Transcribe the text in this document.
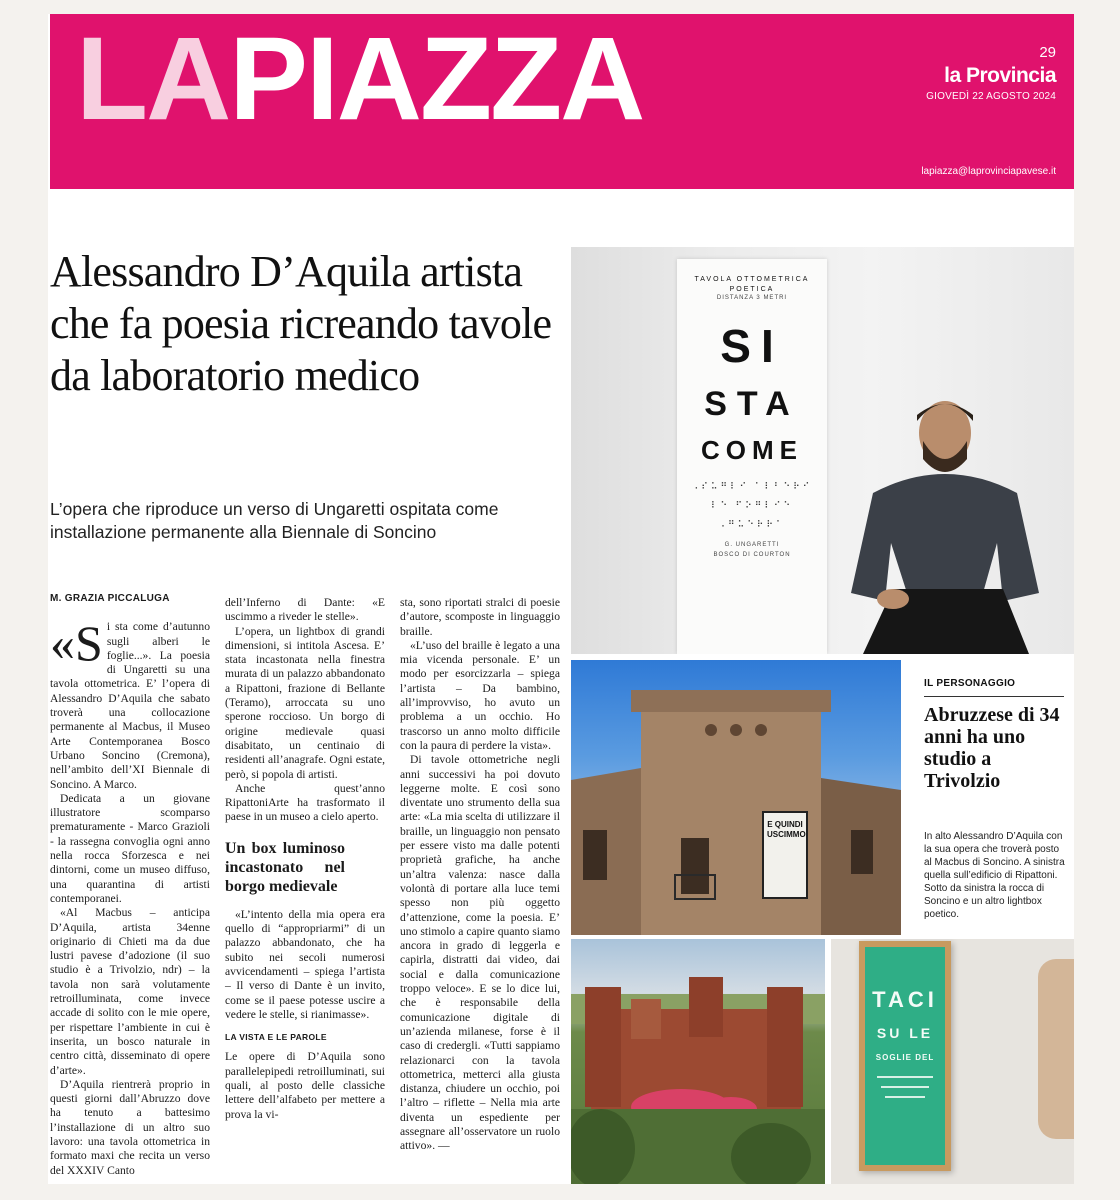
LAPIAZZA	29
la Provincia
GIOVEDÌ 22 AGOSTO 2024
lapiazza@laprovinciapavese.it
Alessandro D’Aquila artista che fa poesia ricreando tavole da laboratorio medico

L’opera che riproduce un verso di Ungaretti ospitata come installazione permanente alla Biennale di Soncino

M. GRAZIA PICCALUGA

«Si sta come d’autunno sugli alberi le foglie...». La poesia di Ungaretti su una tavola ottometrica. E’ l’opera di Alessandro D’Aquila che sabato troverà una collocazione permanente al Macbus, il Museo Arte Contemporanea Bosco Urbano Soncino (Cremona), nell’ambito dell’XI Biennale di Soncino. A Marco.

Dedicata a un giovane illustratore scomparso prematuramente - Marco Grazioli - la rassegna convoglia ogni anno nella rocca Sforzesca e nei dintorni, come un museo diffuso, una quarantina di artisti contemporanei.

«Al Macbus – anticipa D’Aquila, artista 34enne originario di Chieti ma da due lustri pavese d’adozione (il suo studio è a Trivolzio, ndr) – la tavola non sarà volutamente retroilluminata, come invece accade di solito con le mie opere, per rispettare l’ambiente in cui è inserita, un bosco naturale in centro città, disseminato di opere d’arte».

D’Aquila rientrerà proprio in questi giorni dall’Abruzzo dove ha tenuto a battesimo l’installazione di un altro suo lavoro: una tavola ottometrica in formato maxi che recita un verso del XXXIV Canto

dell’Inferno di Dante: «E uscimmo a riveder le stelle».

L’opera, un lightbox di grandi dimensioni, si intitola Ascesa. E’ stata incastonata nella finestra murata di un palazzo abbandonato a Ripattoni, frazione di Bellante (Teramo), arroccata su uno sperone roccioso. Un borgo di origine medievale quasi disabitato, un centinaio di residenti all’anagrafe. Ogni estate, però, si popola di artisti.

Anche quest’anno RipattoniArte ha trasformato il paese in un museo a cielo aperto.

Un box luminoso incastonato nel borgo medievale

«L’intento della mia opera era quello di “appropriarmi” di un palazzo abbandonato, che ha subito nei secoli numerosi avvicendamenti – spiega l’artista – Il verso di Dante è un invito, come se il paese potesse uscire a vedere le stelle, si rianimasse».

LA VISTA E LE PAROLE

Le opere di D’Aquila sono parallelepipedi retroilluminati, sui quali, al posto delle classiche lettere dell’alfabeto per mettere a prova la vi-

sta, sono riportati stralci di poesie d’autore, scomposte in linguaggio braille.

«L’uso del braille è legato a una mia vicenda personale. E’ un modo per esorcizzarla – spiega l’artista – Da bambino, all’improvviso, ho avuto un problema a un occhio. Ho trascorso un anno molto difficile con la paura di perdere la vista».

Di tavole ottometriche negli anni successivi ha poi dovuto leggerne molte. E così sono diventate uno strumento della sua arte: «La mia scelta di utilizzare il braille, un linguaggio non pensato per essere visto ma dalle potenti proprietà grafiche, ha anche un’altra valenza: nasce dalla volontà di portare alla luce temi spesso non più oggetto d’attenzione, come la poesia. E’ uno stimolo a capire quanto siamo ancora in grado di leggerla e capirla, distratti dai video, dai social e dalla comunicazione troppo veloce». E se lo dice lui, che è responsabile della comunicazione digitale di un’azienda milanese, forse è il caso di credergli. «Tutti sappiamo relazionarci con la tavola ottometrica, metterci alla giusta distanza, chiudere un occhio, poi l’altro – riflette – Nella mia arte diventa un espediente per assegnare all’osservatore un ruolo attivo». —

TAVOLA OTTOMETRICA POETICA
DISTANZA 3 METRI
SI
STA
COME
⠠⠎⠥⠛⠇⠊ ⠁⠇⠃⠑⠗⠊
⠇⠑ ⠋⠕⠛⠇⠊⠑
⠠⠛⠥⠑⠗⠗⠁
G. UNGARETTI
BOSCO DI COURTON
E QUINDI USCIMMO
IL PERSONAGGIO
Abruzzese di 34 anni ha uno studio a Trivolzio

In alto Alessandro D’Aquila con la sua opera che troverà posto al Macbus di Soncino. A sinistra quella sull’edificio di Ripattoni. Sotto da sinistra la rocca di Soncino e un altro lightbox poetico.

TACI
SU LE
SOGLIE DEL
